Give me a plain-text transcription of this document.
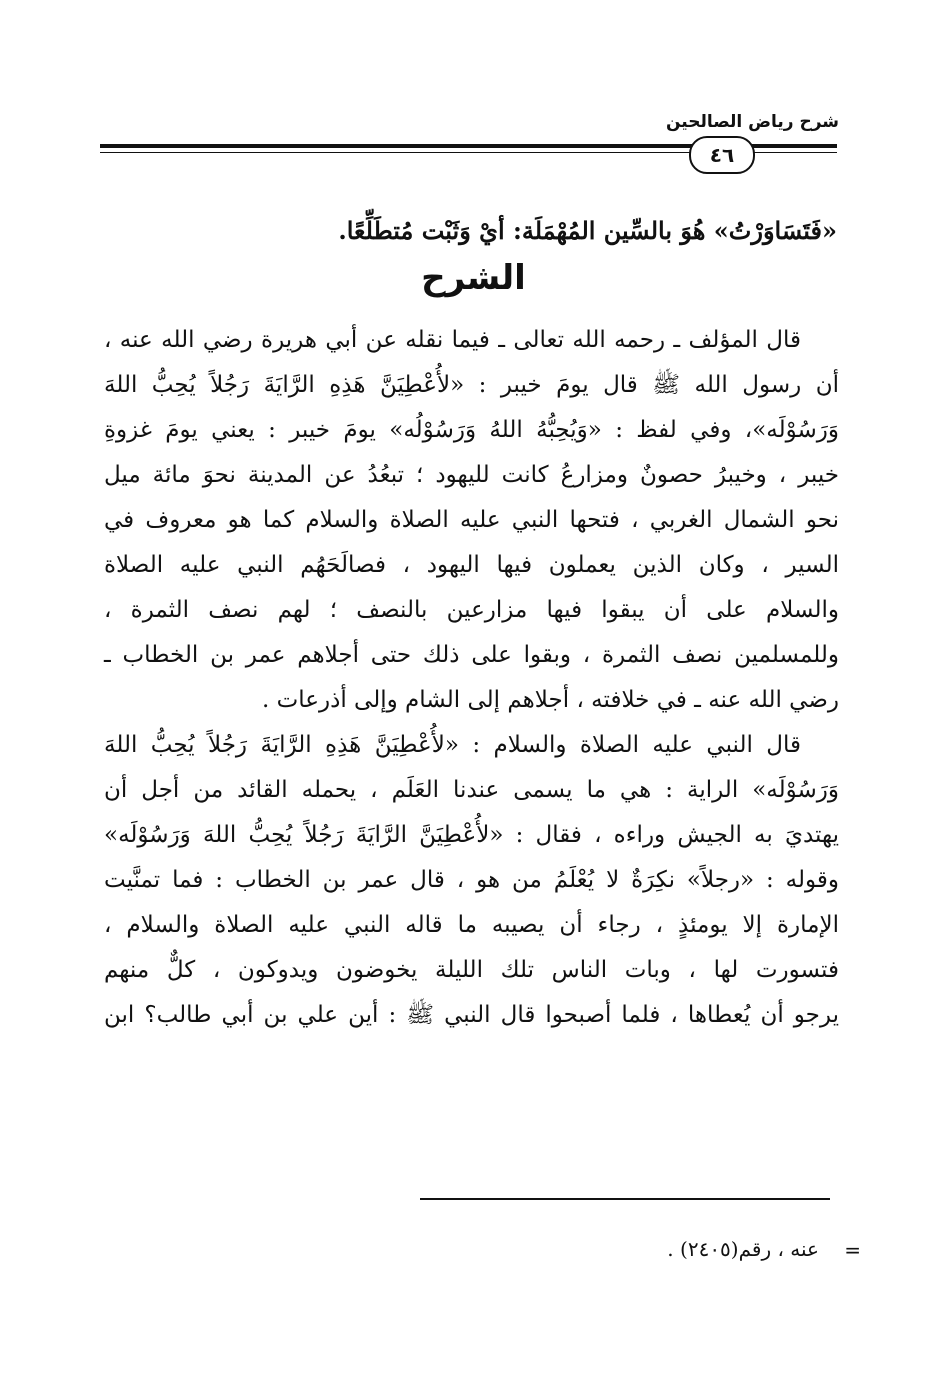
شرح رياض الصالحين
٤٦
«فَتَسَاوَرْتُ» هُوَ بالسِّين المُهْمَلَة: أيْ وَثَبْت مُتطَلِّعًا.
الشرح
قال المؤلف ـ رحمه الله تعالى ـ فيما نقله عن أبي هريرة رضي الله عنه ،
أن رسول الله ﷺ قال يومَ خيبر : «لأُعْطِيَنَّ هَذِهِ الرَّايَةَ رَجُلاً يُحِبُّ اللهَ
وَرَسُوْلَه»، وفي لفظ : «وَيُحِبُّهُ اللهُ وَرَسُوْلُه» يومَ خيبر : يعني يومَ غزوةِ
خيبر ، وخيبرُ حصونٌ ومزارعُ كانت لليهود ؛ تبعُدُ عن المدينة نحوَ مائة ميل
نحو الشمال الغربي ، فتحها النبي عليه الصلاة والسلام كما هو معروف في
السير ، وكان الذين يعملون فيها اليهود ، فصالَحَهُم النبي عليه الصلاة
والسلام على أن يبقوا فيها مزارعين بالنصف ؛ لهم نصف الثمرة ،
وللمسلمين نصف الثمرة ، وبقوا على ذلك حتى أجلاهم عمر بن الخطاب ـ
رضي الله عنه ـ في خلافته ، أجلاهم إلى الشام وإلى أذرعات .
قال النبي عليه الصلاة والسلام : «لأُعْطِيَنَّ هَذِهِ الرَّايَةَ رَجُلاً يُحِبُّ اللهَ
وَرَسُوْلَه» الراية : هي ما يسمى عندنا العَلَم ، يحمله القائد من أجل أن
يهتديَ به الجيش وراءه ، فقال : «لأُعْطِيَنَّ الرَّايَةَ رَجُلاً يُحِبُّ اللهَ وَرَسُوْلَه»
وقوله : «رجلاً» نكِرَةٌ لا يُعْلَمُ من هو ، قال عمر بن الخطاب : فما تمنَّيت
الإمارة إلا يومئذٍ ، رجاء أن يصيبه ما قاله النبي عليه الصلاة والسلام ،
فتسورت لها ، وبات الناس تلك الليلة يخوضون ويدوكون ، كلٌّ منهم
يرجو أن يُعطاها ، فلما أصبحوا قال النبي ﷺ : أين علي بن أبي طالب؟ ابن
=
عنه ، رقم(٢٤٠٥) .
